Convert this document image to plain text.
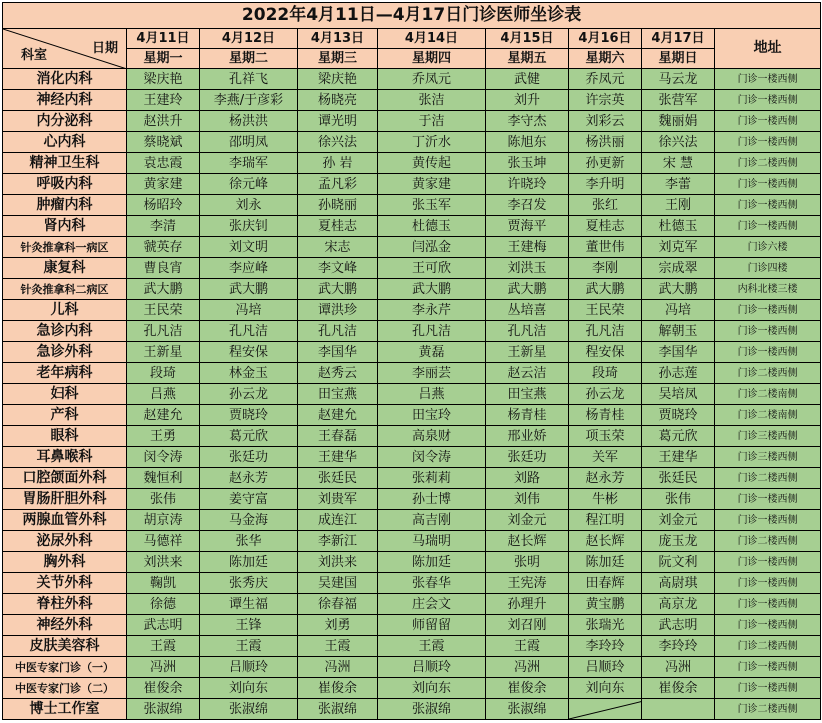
2022年4月11日—4月17日门诊医师坐诊表								

科室 日期	4月11日	4月12日	4月13日	4月14日	4月15日	4月16日	4月17日	地址
	星期一	星期二	星期三	星期四	星期五	星期六	星期日	
消化内科	梁庆艳	孔祥飞	梁庆艳	乔凤元	武健	乔凤元	马云龙	门诊一楼西侧
神经内科	王建玲	李燕/于彦彩	杨晓亮	张洁	刘升	许宗英	张营军	门诊一楼西侧
内分泌科	赵洪升	杨洪洪	谭光明	于洁	李守杰	刘彩云	魏丽娟	门诊一楼西侧
心内科	蔡晓斌	邵明凤	徐兴法	丁沂水	陈旭东	杨洪丽	徐兴法	门诊一楼西侧
精神卫生科	袁忠霞	李瑞军	孙 岩	黄传起	张玉坤	孙更新	宋 慧	门诊二楼西侧
呼吸内科	黄家建	徐元峰	孟凡彩	黄家建	许晓玲	李升明	李蕾	门诊一楼西侧
肿瘤内科	杨昭玲	刘永	孙晓丽	张玉军	李召发	张红	王刚	门诊一楼西侧
肾内科	李清	张庆钊	夏桂志	杜德玉	贾海平	夏桂志	杜德玉	门诊一楼西侧
针灸推拿科一病区	虢英存	刘文明	宋志	闫泓金	王建梅	董世伟	刘克军	门诊六楼
康复科	曹良宵	李应峰	李文峰	王可欣	刘洪玉	李刚	宗成翠	门诊四楼
针灸推拿科二病区	武大鹏	武大鹏	武大鹏	武大鹏	武大鹏	武大鹏	武大鹏	内科北楼三楼
儿科	王民荣	冯培	谭洪珍	李永芹	丛培喜	王民荣	冯培	门诊一楼西侧
急诊内科	孔凡洁	孔凡洁	孔凡洁	孔凡洁	孔凡洁	孔凡洁	解朝玉	门诊一楼西侧
急诊外科	王新星	程安保	李国华	黄磊	王新星	程安保	李国华	门诊一楼西侧
老年病科	段琦	林金玉	赵秀云	李丽芸	赵云洁	段琦	孙志莲	门诊二楼西侧
妇科	吕燕	孙云龙	田宝燕	吕燕	田宝燕	孙云龙	吴培凤	门诊二楼南侧
产科	赵建允	贾晓玲	赵建允	田宝玲	杨青桂	杨青桂	贾晓玲	门诊二楼南侧
眼科	王勇	葛元欣	王春磊	高泉财	邢业娇	项玉荣	葛元欣	门诊三楼西侧
耳鼻喉科	闵令涛	张廷功	王建华	闵令涛	张廷功	关军	王建华	门诊三楼西侧
口腔颌面外科	魏恒利	赵永芳	张廷民	张莉莉	刘路	赵永芳	张廷民	门诊二楼西侧
胃肠肝胆外科	张伟	姜守富	刘贵军	孙士博	刘伟	牛彬	张伟	门诊一楼西侧
两腺血管外科	胡京涛	马金海	成连江	高吉刚	刘金元	程江明	刘金元	门诊一楼西侧
泌尿外科	马德祥	张华	李新江	马瑞明	赵长辉	赵长辉	庞玉龙	门诊二楼西侧
胸外科	刘洪来	陈加廷	刘洪来	陈加廷	张明	陈加廷	阮文利	门诊一楼西侧
关节外科	鞠凯	张秀庆	吴建国	张春华	王宪涛	田春辉	高尉琪	门诊一楼西侧
脊柱外科	徐德	谭生福	徐春福	庄会文	孙理升	黄宝鹏	高京龙	门诊一楼西侧
神经外科	武志明	王锋	刘勇	师留留	刘召刚	张瑞光	武志明	门诊一楼西侧
皮肤美容科	王霞	王霞	王霞	王霞	王霞	李玲玲	李玲玲	门诊二楼西侧
中医专家门诊（一）	冯洲	吕顺玲	冯洲	吕顺玲	冯洲	吕顺玲	冯洲	门诊一楼西侧
中医专家门诊（二）	崔俊余	刘向东	崔俊余	刘向东	崔俊余	刘向东	崔俊余	门诊一楼西侧
博士工作室	张淑绵	张淑绵	张淑绵	张淑绵	张淑绵			门诊二楼西侧
